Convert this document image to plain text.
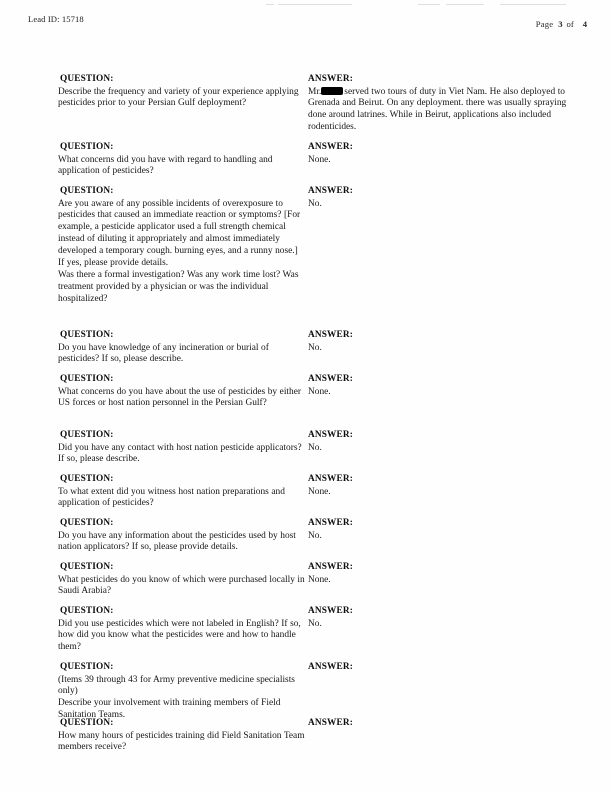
Lead ID: 15718	Page 3 of 4
QUESTION:

Describe the frequency and variety of your experience applying pesticides prior to your Persian Gulf deployment?

ANSWER:

Mr. served two tours of duty in Viet Nam. He also deployed to Grenada and Beirut. On any deployment. there was usually spraying done around latrines. While in Beirut, applications also included rodenticides.

QUESTION:

What concerns did you have with regard to handling and application of pesticides?

ANSWER:

None.

QUESTION:

Are you aware of any possible incidents of overexposure to pesticides that caused an immediate reaction or symptoms? [For example, a pesticide applicator used a full strength chemical instead of diluting it appropriately and almost immediately developed a temporary cough. burning eyes, and a runny nose.] If yes, please provide details.

Was there a formal investigation? Was any work time lost? Was treatment provided by a physician or was the individual hospitalized?

ANSWER:

No.

QUESTION:

Do you have knowledge of any incineration or burial of pesticides? If so, please describe.

ANSWER:

No.

QUESTION:

What concerns do you have about the use of pesticides by either US forces or host nation personnel in the Persian Gulf?

ANSWER:

None.

QUESTION:

Did you have any contact with host nation pesticide applicators? If so, please describe.

ANSWER:

No.

QUESTION:

To what extent did you witness host nation preparations and application of pesticides?

ANSWER:

None.

QUESTION:

Do you have any information about the pesticides used by host nation applicators? If so, please provide details.

ANSWER:

No.

QUESTION:

What pesticides do you know of which were purchased locally in Saudi Arabia?

ANSWER:

None.

QUESTION:

Did you use pesticides which were not labeled in English? If so, how did you know what the pesticides were and how to handle them?

ANSWER:

No.

QUESTION:

(Items 39 through 43 for Army preventive medicine specialists only)

Describe your involvement with training members of Field Sanitation Teams.

ANSWER:

QUESTION:

How many hours of pesticides training did Field Sanitation Team members receive?

ANSWER:
